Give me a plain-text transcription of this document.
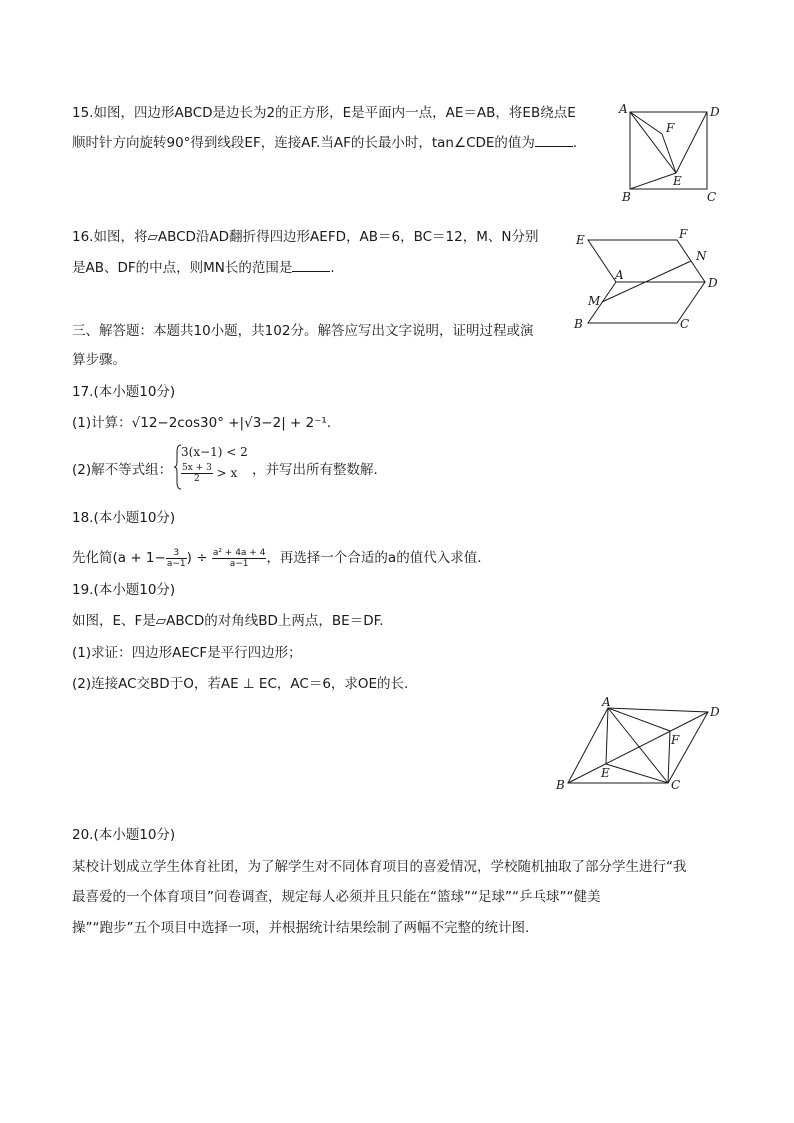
15.如图，四边形ABCD是边长为2的正方形，E是平面内一点，AE＝AB，将EB绕点E
顺时针方向旋转90°得到线段EF，连接AF.当AF的长最小时，tan∠CDE的值为	.
A	D
F
E
B	C
16.如图，将▱ABCD沿AD翻折得四边形AEFD，AB＝6，BC＝12，M、N分别
是AB、DF的中点，则MN长的范围是	.
E	F
N
A
D
M
B	C
三、解答题：本题共10小题，共102分。解答应写出文字说明，证明过程或演
算步骤。
17.(本小题10分)
(1)计算：√12−2cos30° +|√3−2| + 2⁻¹.
(2)解不等式组：
3(x−1) < 2
$\frac{5x + 3}{2} > x$ ，并写出所有整数解.
18.(本小题10分)
先化简($a + 1- \frac{3}{a-1}$ ) ÷ $\frac{\text{a² + 4a + 4}}{a-1}$ ，再选择一个合适的a的值代入求值.
19.(本小题10分)
如图，E、F是▱ABCD的对角线BD上两点，BE＝DF.
(1)求证：四边形AECF是平行四边形；
(2)连接AC交BD于O，若AE ⊥ EC，AC＝6，求OE的长.
A
D
F
E
B	C
20.(本小题10分)
某校计划成立学生体育社团，为了解学生对不同体育项目的喜爱情况，学校随机抽取了部分学生进行“我
最喜爱的一个体育项目”问卷调查，规定每人必须并且只能在“篮球”“足球”“乒乓球”“健美
操”“跑步”五个项目中选择一项，并根据统计结果绘制了两幅不完整的统计图.
